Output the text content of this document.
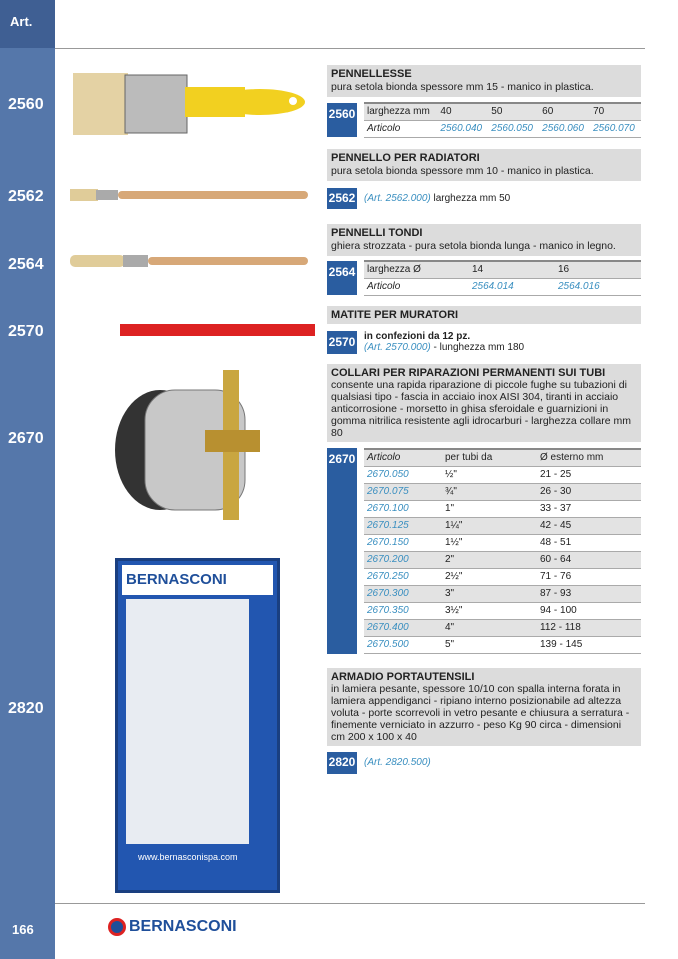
Art.
2560
2562
2564
2570
2670
2820
166
BERNASCONI
www.bernasconispa.com
PENNELLESSE
pura setola bionda spessore mm 15 - manico in plastica.
2560 larghezza mm	40	50	60	70
Articolo	2560.040	2560.050	2560.060	2560.070
PENNELLO PER RADIATORI
pura setola bionda spessore mm 10 - manico in plastica.
2562 (Art. 2562.000) larghezza mm 50
PENNELLI TONDI
ghiera strozzata - pura setola bionda lunga - manico in legno.
2564 larghezza Ø	14	16
Articolo	2564.014	2564.016
MATITE PER MURATORI
2570 in confezioni da 12 pz.
(Art. 2570.000) - lunghezza mm 180
COLLARI PER RIPARAZIONI PERMANENTI SUI TUBI
consente una rapida riparazione di piccole fughe su tubazioni di qualsiasi tipo - fascia in acciaio inox AISI 304, tiranti in acciaio anticorrosione - morsetto in ghisa sferoidale e guarnizioni in gomma nitrilica resistente agli idrocarburi - larghezza collare mm 80
2670 Articolo	per tubi da	Ø esterno mm
2670.050	½"	21 - 25
2670.075	¾"	26 - 30
2670.100	1"	33 - 37
2670.125	1¼"	42 - 45
2670.150	1½"	48 - 51
2670.200	2"	60 - 64
2670.250	2½"	71 - 76
2670.300	3"	87 - 93
2670.350	3½"	94 - 100
2670.400	4"	112 - 118
2670.500	5"	139 - 145
ARMADIO PORTAUTENSILI
in lamiera pesante, spessore 10/10 con spalla interna forata in lamiera appendiganci - ripiano interno posizionabile ad altezza voluta - porte scorrevoli in vetro pesante e chiusura a serratura - finemente verniciato in azzurro - peso Kg 90 circa - dimensioni cm 200 x 100 x 40
2820 (Art. 2820.500)
BERNASCONI
